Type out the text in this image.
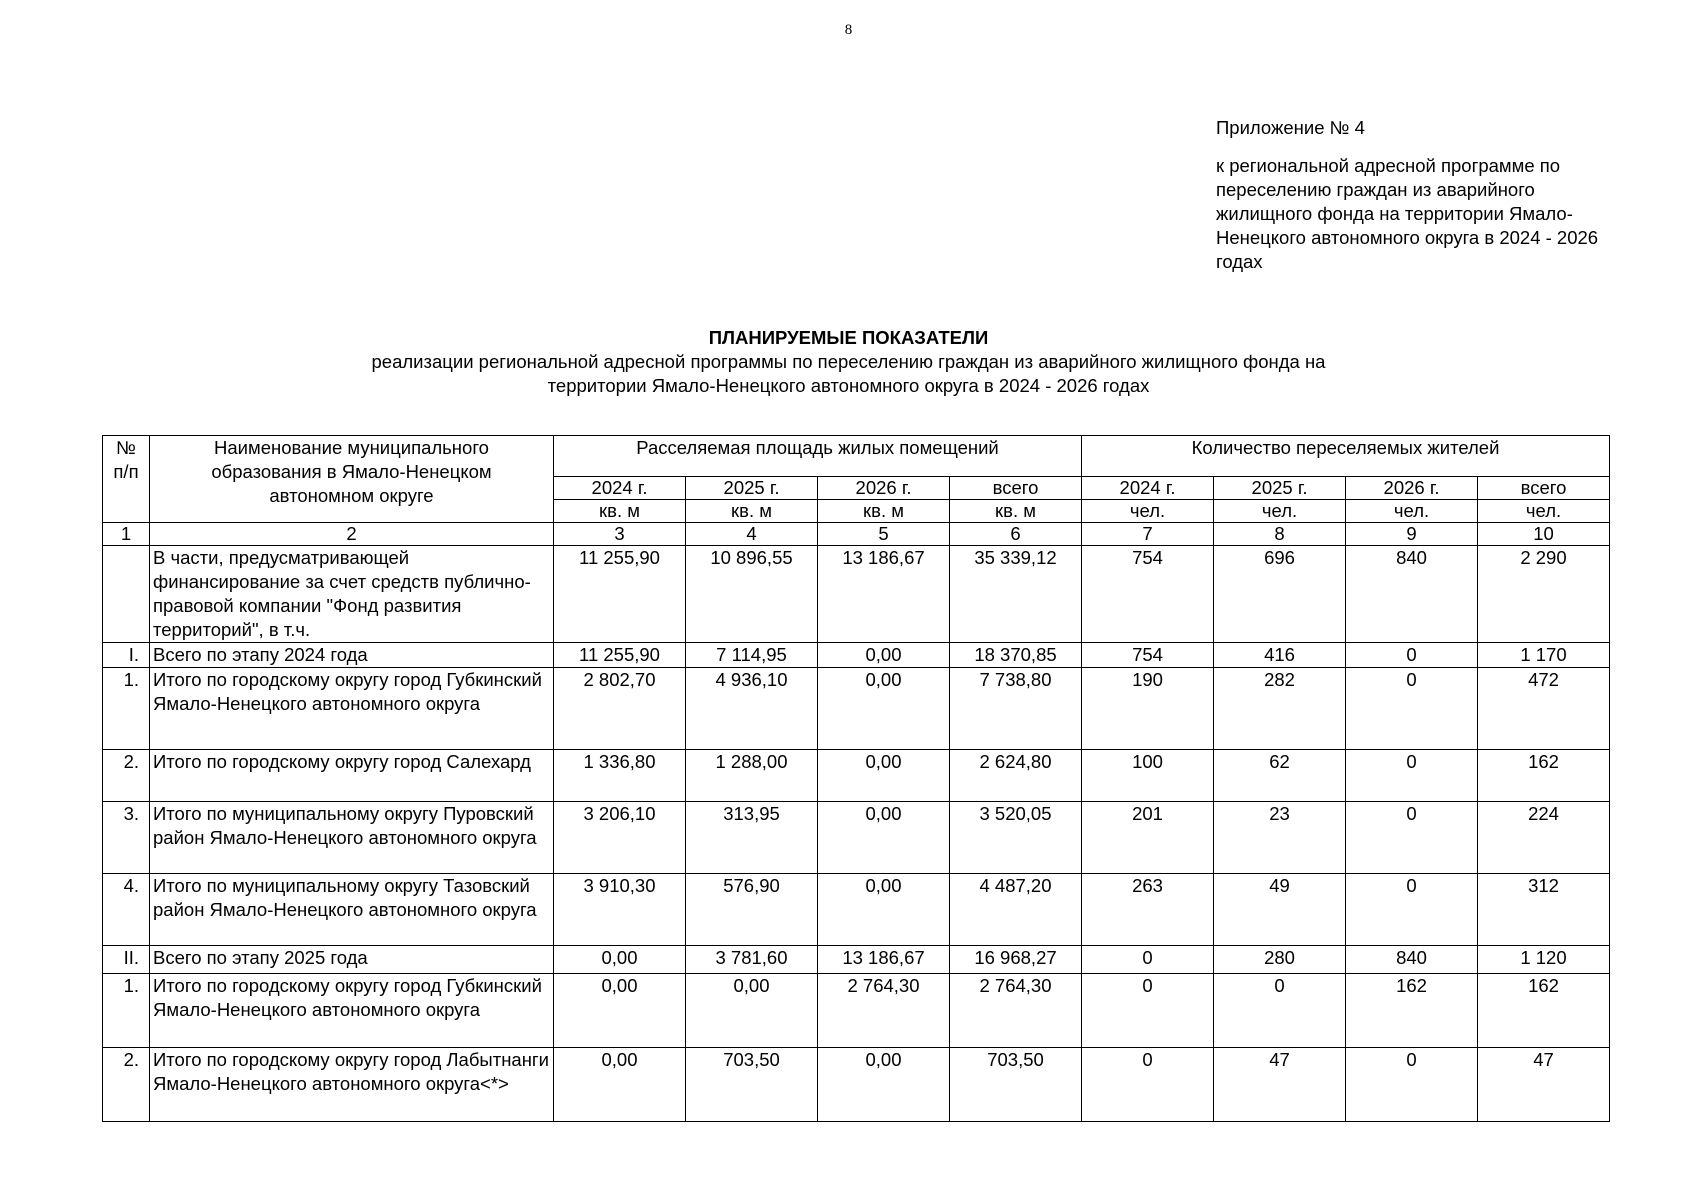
8
Приложение № 4
к региональной адресной программе по переселению граждан из аварийного жилищного фонда на территории Ямало-Ненецкого автономного округа в 2024 - 2026 годах
ПЛАНИРУЕМЫЕ ПОКАЗАТЕЛИ
реализации региональной адресной программы по переселению граждан из аварийного жилищного фонда на
территории Ямало-Ненецкого автономного округа в 2024 - 2026 годах
№ п/п	Наименование муниципального образования в Ямало-Ненецком автономном округе	Расселяемая площадь жилых помещений				Количество переселяемых жителей			
		2024 г.	2025 г.	2026 г.	всего	2024 г.	2025 г.	2026 г.	всего
		кв. м	кв. м	кв. м	кв. м	чел.	чел.	чел.	чел.
1	2	3	4	5	6	7	8	9	10
	В части, предусматривающей финансирование за счет средств публично-правовой компании "Фонд развития территорий", в т.ч.	11 255,90	10 896,55	13 186,67	35 339,12	754	696	840	2 290
I.	Всего по этапу 2024 года	11 255,90	7 114,95	0,00	18 370,85	754	416	0	1 170
1.	Итого по городскому округу город Губкинский Ямало-Ненецкого автономного округа	2 802,70	4 936,10	0,00	7 738,80	190	282	0	472
2.	Итого по городскому округу город Салехард	1 336,80	1 288,00	0,00	2 624,80	100	62	0	162
3.	Итого по муниципальному округу Пуровский район Ямало-Ненецкого автономного округа	3 206,10	313,95	0,00	3 520,05	201	23	0	224
4.	Итого по муниципальному округу Тазовский район Ямало-Ненецкого автономного округа	3 910,30	576,90	0,00	4 487,20	263	49	0	312
II.	Всего по этапу 2025 года	0,00	3 781,60	13 186,67	16 968,27	0	280	840	1 120
1.	Итого по городскому округу город Губкинский Ямало-Ненецкого автономного округа	0,00	0,00	2 764,30	2 764,30	0	0	162	162
2.	Итого по городскому округу город Лабытнанги Ямало-Ненецкого автономного округа<*>	0,00	703,50	0,00	703,50	0	47	0	47
